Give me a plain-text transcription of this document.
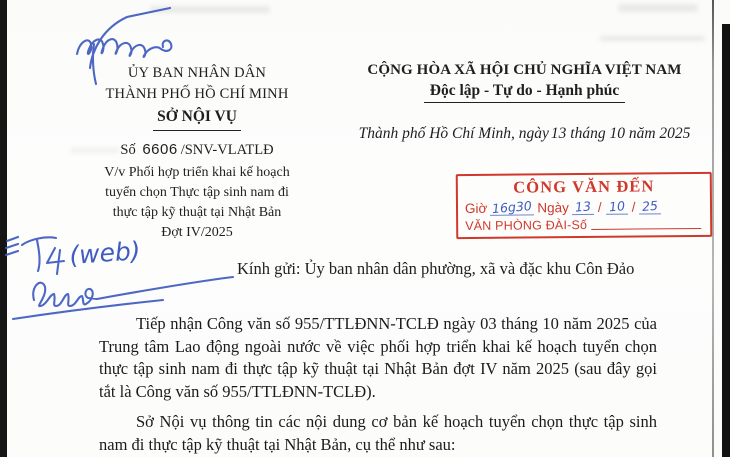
ỦY BAN NHÂN DÂN
THÀNH PHỐ HỒ CHÍ MINH
SỞ NỘI VỤ
Số 6606 /SNV-VLATLĐ
V/v Phối hợp triển khai kế hoạch
tuyển chọn Thực tập sinh nam đi
thực tập kỹ thuật tại Nhật Bản
Đợt IV/2025
CỘNG HÒA XÃ HỘI CHỦ NGHĨA VIỆT NAM
Độc lập - Tự do - Hạnh phúc
Thành phố Hồ Chí Minh, ngày 13 tháng 10 năm 2025
CÔNG VĂN ĐẾN
Giờ 16g30 Ngày 13 / 10 / 25
VĂN PHÒNG ĐÀI-Số
Kính gửi: Ủy ban nhân dân phường, xã và đặc khu Côn Đảo

Tiếp nhận Công văn số 955/TTLĐNN-TCLĐ ngày 03 tháng 10 năm 2025 của Trung tâm Lao động ngoài nước về việc phối hợp triển khai kế hoạch tuyển chọn thực tập sinh nam đi thực tập kỹ thuật tại Nhật Bản đợt IV năm 2025 (sau đây gọi tắt là Công văn số 955/TTLĐNN-TCLĐ).

Sở Nội vụ thông tin các nội dung cơ bản kế hoạch tuyển chọn thực tập sinh nam đi thực tập kỹ thuật tại Nhật Bản, cụ thể như sau:

(web)
